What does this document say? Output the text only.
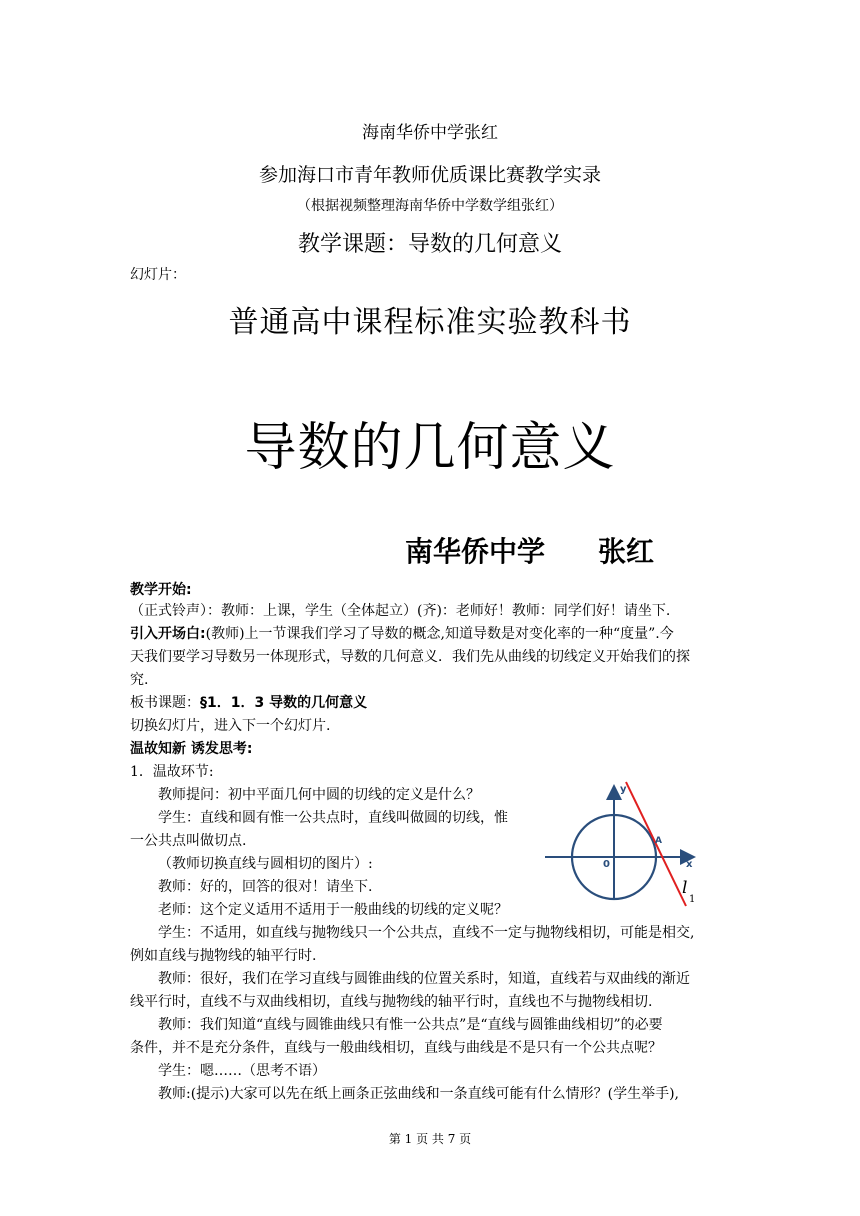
海南华侨中学张红
参加海口市青年教师优质课比赛教学实录
（根据视频整理海南华侨中学数学组张红）
教学课题：导数的几何意义
幻灯片：
普通高中课程标准实验教科书
导数的几何意义
南华侨中学 张红
教学开始:
（正式铃声）：教师：上课，学生（全体起立）(齐)：老师好！教师：同学们好！请坐下.
引入开场白:(教师)上一节课我们学习了导数的概念,知道导数是对变化率的一种“度量”.今
天我们要学习导数另一体现形式，导数的几何意义．我们先从曲线的切线定义开始我们的探
究.
板书课题：§1．1．3 导数的几何意义
切换幻灯片，进入下一个幻灯片.
温故知新 诱发思考:
1．温故环节:
教师提问：初中平面几何中圆的切线的定义是什么？
学生：直线和圆有惟一公共点时，直线叫做圆的切线，惟
一公共点叫做切点.
（教师切换直线与圆相切的图片）:
教师：好的，回答的很对！请坐下.
老师：这个定义适用不适用于一般曲线的切线的定义呢？
学生：不适用，如直线与抛物线只一个公共点，直线不一定与抛物线相切，可能是相交,
例如直线与抛物线的轴平行时.
教师：很好，我们在学习直线与圆锥曲线的位置关系时，知道，直线若与双曲线的渐近
线平行时，直线不与双曲线相切，直线与抛物线的轴平行时，直线也不与抛物线相切.
教师：我们知道“直线与圆锥曲线只有惟一公共点”是“直线与圆锥曲线相切”的必要
条件，并不是充分条件，直线与一般曲线相切，直线与曲线是不是只有一个公共点呢？
学生：嗯……（思考不语）
教师:(提示)大家可以先在纸上画条正弦曲线和一条直线可能有什么情形？(学生举手),
y
x
0
A
l
1
第 1 页 共 7 页
